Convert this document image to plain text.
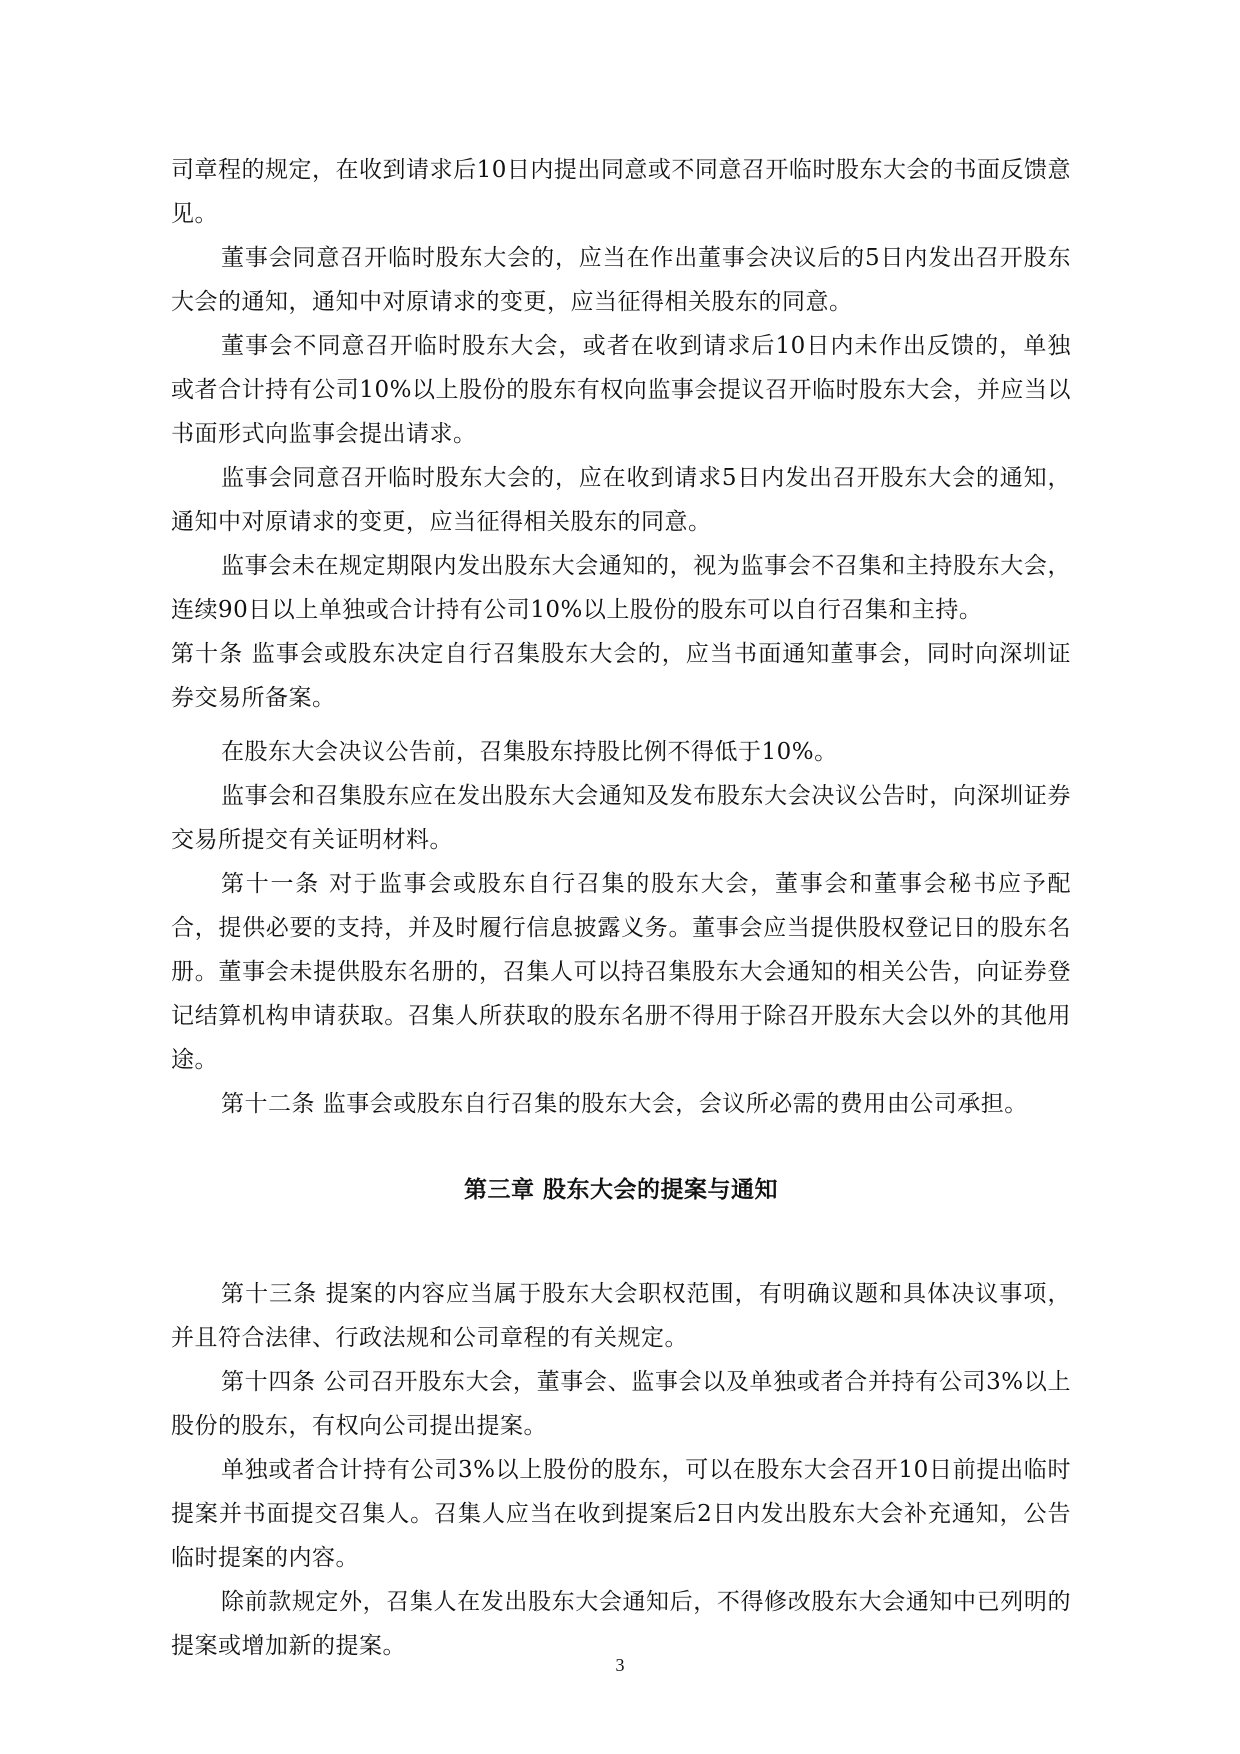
司章程的规定，在收到请求后10日内提出同意或不同意召开临时股东大会的书面反馈意见。

董事会同意召开临时股东大会的，应当在作出董事会决议后的5日内发出召开股东大会的通知，通知中对原请求的变更，应当征得相关股东的同意。

董事会不同意召开临时股东大会，或者在收到请求后10日内未作出反馈的，单独或者合计持有公司10%以上股份的股东有权向监事会提议召开临时股东大会，并应当以书面形式向监事会提出请求。

监事会同意召开临时股东大会的，应在收到请求5日内发出召开股东大会的通知，通知中对原请求的变更，应当征得相关股东的同意。

监事会未在规定期限内发出股东大会通知的，视为监事会不召集和主持股东大会，连续90日以上单独或合计持有公司10%以上股份的股东可以自行召集和主持。

第十条 监事会或股东决定自行召集股东大会的，应当书面通知董事会，同时向深圳证券交易所备案。

在股东大会决议公告前，召集股东持股比例不得低于10%。

监事会和召集股东应在发出股东大会通知及发布股东大会决议公告时，向深圳证券交易所提交有关证明材料。

第十一条 对于监事会或股东自行召集的股东大会，董事会和董事会秘书应予配合，提供必要的支持，并及时履行信息披露义务。董事会应当提供股权登记日的股东名册。董事会未提供股东名册的，召集人可以持召集股东大会通知的相关公告，向证券登记结算机构申请获取。召集人所获取的股东名册不得用于除召开股东大会以外的其他用途。

第十二条 监事会或股东自行召集的股东大会，会议所必需的费用由公司承担。

第三章 股东大会的提案与通知

第十三条 提案的内容应当属于股东大会职权范围，有明确议题和具体决议事项，并且符合法律、行政法规和公司章程的有关规定。

第十四条 公司召开股东大会，董事会、监事会以及单独或者合并持有公司3%以上股份的股东，有权向公司提出提案。

单独或者合计持有公司3%以上股份的股东，可以在股东大会召开10日前提出临时提案并书面提交召集人。召集人应当在收到提案后2日内发出股东大会补充通知，公告临时提案的内容。

除前款规定外，召集人在发出股东大会通知后，不得修改股东大会通知中已列明的提案或增加新的提案。

3
